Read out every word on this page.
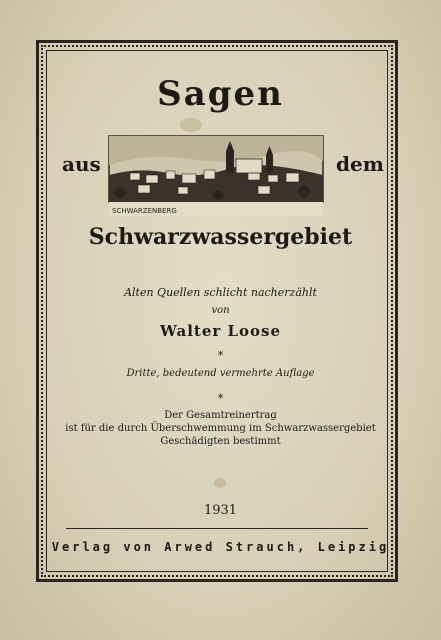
Sagen
aus	dem
SCHWARZENBERG
Schwarzwassergebiet
Alten Quellen schlicht nacherzählt
von
Walter Loose
*
Dritte, bedeutend vermehrte Auflage
*
Der Gesamtreinertrag
ist für die durch Überschwemmung im Schwarzwassergebiet
Geschädigten bestimmt
1931
Verlag von Arwed Strauch, Leipzig
